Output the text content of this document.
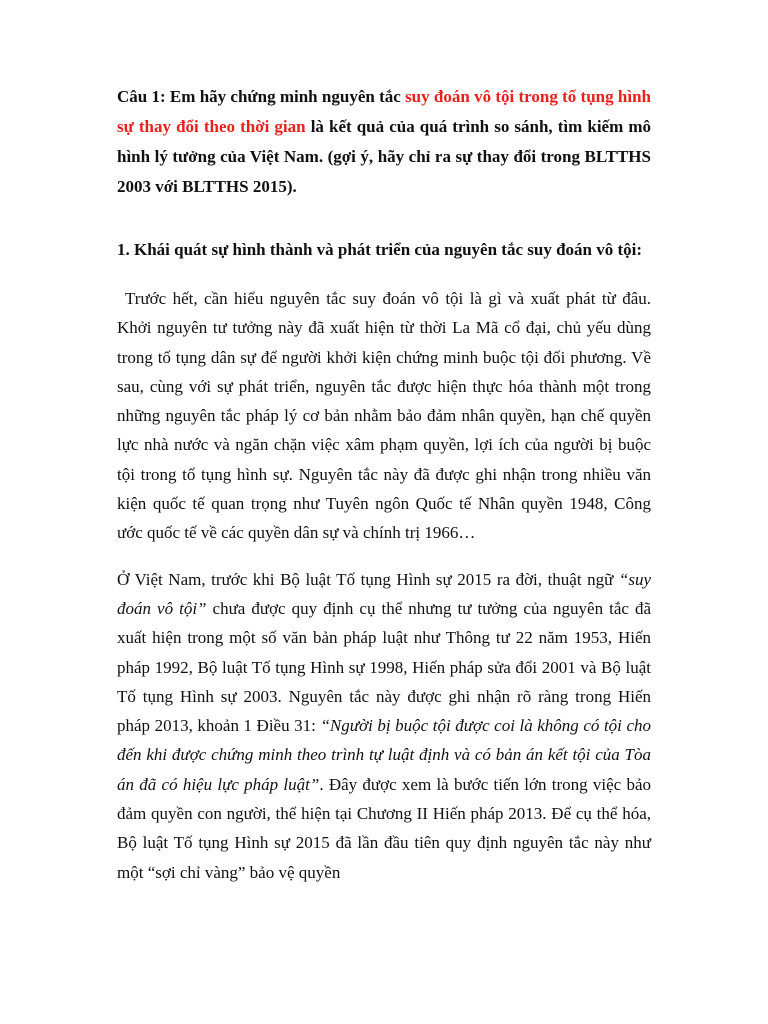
Câu 1: Em hãy chứng minh nguyên tắc suy đoán vô tội trong tố tụng hình sự thay đổi theo thời gian là kết quả của quá trình so sánh, tìm kiếm mô hình lý tưởng của Việt Nam. (gợi ý, hãy chỉ ra sự thay đổi trong BLTTHS 2003 với BLTTHS 2015).

1. Khái quát sự hình thành và phát triển của nguyên tắc suy đoán vô tội:

Trước hết, cần hiểu nguyên tắc suy đoán vô tội là gì và xuất phát từ đâu. Khởi nguyên tư tưởng này đã xuất hiện từ thời La Mã cổ đại, chủ yếu dùng trong tố tụng dân sự để người khởi kiện chứng minh buộc tội đối phương. Về sau, cùng với sự phát triển, nguyên tắc được hiện thực hóa thành một trong những nguyên tắc pháp lý cơ bản nhằm bảo đảm nhân quyền, hạn chế quyền lực nhà nước và ngăn chặn việc xâm phạm quyền, lợi ích của người bị buộc tội trong tố tụng hình sự. Nguyên tắc này đã được ghi nhận trong nhiều văn kiện quốc tế quan trọng như Tuyên ngôn Quốc tế Nhân quyền 1948, Công ước quốc tế về các quyền dân sự và chính trị 1966…

Ở Việt Nam, trước khi Bộ luật Tố tụng Hình sự 2015 ra đời, thuật ngữ “suy đoán vô tội” chưa được quy định cụ thể nhưng tư tưởng của nguyên tắc đã xuất hiện trong một số văn bản pháp luật như Thông tư 22 năm 1953, Hiến pháp 1992, Bộ luật Tố tụng Hình sự 1998, Hiến pháp sửa đổi 2001 và Bộ luật Tố tụng Hình sự 2003. Nguyên tắc này được ghi nhận rõ ràng trong Hiến pháp 2013, khoản 1 Điều 31: “Người bị buộc tội được coi là không có tội cho đến khi được chứng minh theo trình tự luật định và có bản án kết tội của Tòa án đã có hiệu lực pháp luật”. Đây được xem là bước tiến lớn trong việc bảo đảm quyền con người, thể hiện tại Chương II Hiến pháp 2013. Để cụ thể hóa, Bộ luật Tố tụng Hình sự 2015 đã lần đầu tiên quy định nguyên tắc này như một “sợi chỉ vàng” bảo vệ quyền
